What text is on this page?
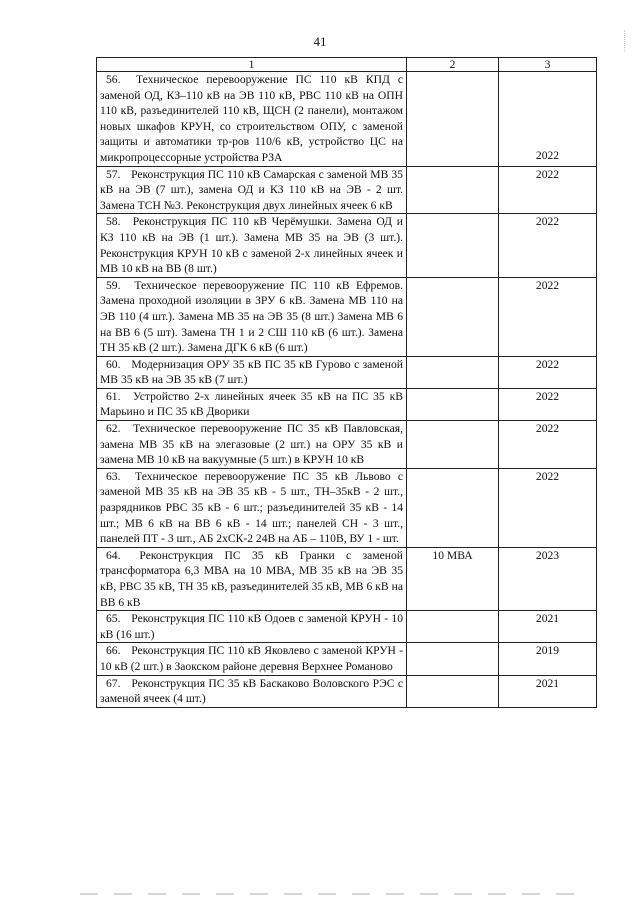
41
1	2	3
56. Техническое перевооружение ПС 110 кВ КПД с заменой ОД, КЗ–110 кВ на ЭВ 110 кВ, РВС 110 кВ на ОПН 110 кВ, разъединителей 110 кВ, ЩСН (2 панели), монтажом новых шкафов КРУН, со строительством ОПУ, с заменой защиты и автоматики тр-ров 110/6 кВ, устройство ЦС на микропроцессорные устройства РЗА		2022
57. Реконструкция ПС 110 кВ Самарская с заменой МВ 35 кВ на ЭВ (7 шт.), замена ОД и КЗ 110 кВ на ЭВ - 2 шт. Замена ТСН №3. Реконструкция двух линейных ячеек 6 кВ		2022
58. Реконструкция ПС 110 кВ Черёмушки. Замена ОД и КЗ 110 кВ на ЭВ (1 шт.). Замена МВ 35 на ЭВ (3 шт.). Реконструкция КРУН 10 кВ с заменой 2-х линейных ячеек и МВ 10 кВ на ВВ (8 шт.)		2022
59. Техническое перевооружение ПС 110 кВ Ефремов. Замена проходной изоляции в ЗРУ 6 кВ. Замена МВ 110 на ЭВ 110 (4 шт.). Замена МВ 35 на ЭВ 35 (8 шт.) Замена МВ 6 на ВВ 6 (5 шт). Замена ТН 1 и 2 СШ 110 кВ (6 шт.). Замена ТН 35 кВ (2 шт.). Замена ДГК 6 кВ (6 шт.)		2022
60. Модернизация ОРУ 35 кВ ПС 35 кВ Гурово с заменой МВ 35 кВ на ЭВ 35 кВ (7 шт.)		2022
61. Устройство 2-х линейных ячеек 35 кВ на ПС 35 кВ Марьино и ПС 35 кВ Дворики		2022
62. Техническое перевооружение ПС 35 кВ Павловская, замена МВ 35 кВ на элегазовые (2 шт.) на ОРУ 35 кВ и замена МВ 10 кВ на вакуумные (5 шт.) в КРУН 10 кВ		2022
63. Техническое перевооружение ПС 35 кВ Львово с заменой МВ 35 кВ на ЭВ 35 кВ - 5 шт., ТН–35кВ - 2 шт., разрядников РВС 35 кВ - 6 шт.; разъединителей 35 кВ - 14 шт.; МВ 6 кВ на ВВ 6 кВ - 14 шт.; панелей СН - 3 шт., панелей ПТ - 3 шт., АБ 2хСК-2 24В на АБ – 110В, ВУ 1 - шт.		2022
64. Реконструкция ПС 35 кВ Гранки с заменой трансформатора 6,3 МВА на 10 МВА, МВ 35 кВ на ЭВ 35 кВ, РВС 35 кВ, ТН 35 кВ, разъединителей 35 кВ, МВ 6 кВ на ВВ 6 кВ	10 МВА	2023
65. Реконструкция ПС 110 кВ Одоев с заменой КРУН - 10 кВ (16 шт.)		2021
66. Реконструкция ПС 110 кВ Яковлево с заменой КРУН - 10 кВ (2 шт.) в Заокском районе деревня Верхнее Романово		2019
67. Реконструкция ПС 35 кВ Баскаково Воловского РЭС с заменой ячеек (4 шт.)		2021
